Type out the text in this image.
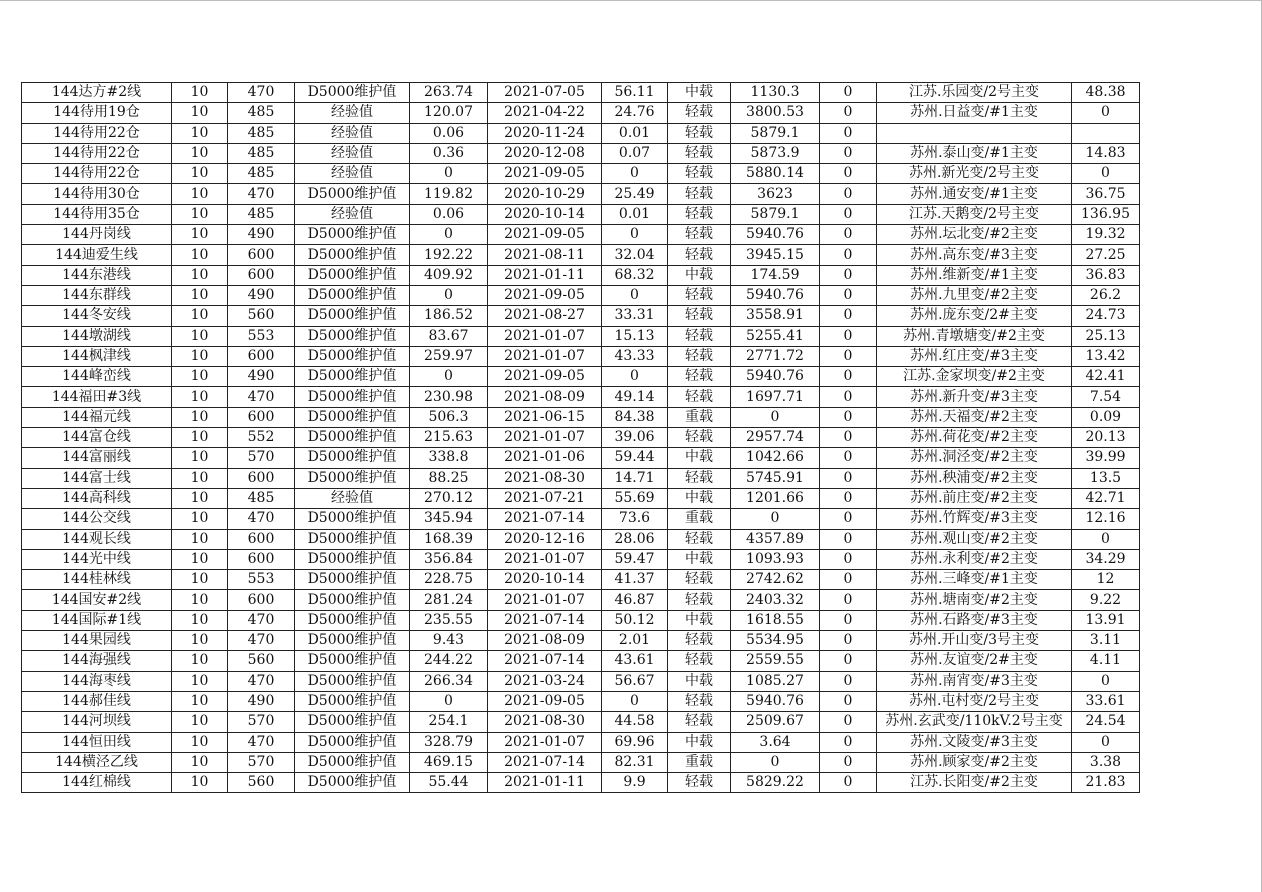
144达方#2线	10	470	D5000维护值	263.74	2021-07-05	56.11	中载	1130.3	0	江苏.乐园变/2号主变	48.38
144待用19仓	10	485	经验值	120.07	2021-04-22	24.76	轻载	3800.53	0	苏州.日益变/#1主变	0
144待用22仓	10	485	经验值	0.06	2020-11-24	0.01	轻载	5879.1	0		
144待用22仓	10	485	经验值	0.36	2020-12-08	0.07	轻载	5873.9	0	苏州.泰山变/#1主变	14.83
144待用22仓	10	485	经验值	0	2021-09-05	0	轻载	5880.14	0	苏州.新光变/2号主变	0
144待用30仓	10	470	D5000维护值	119.82	2020-10-29	25.49	轻载	3623	0	苏州.通安变/#1主变	36.75
144待用35仓	10	485	经验值	0.06	2020-10-14	0.01	轻载	5879.1	0	江苏.天鹅变/2号主变	136.95
144丹岗线	10	490	D5000维护值	0	2021-09-05	0	轻载	5940.76	0	苏州.坛北变/#2主变	19.32
144迪爱生线	10	600	D5000维护值	192.22	2021-08-11	32.04	轻载	3945.15	0	苏州.高东变/#3主变	27.25
144东港线	10	600	D5000维护值	409.92	2021-01-11	68.32	中载	174.59	0	苏州.维新变/#1主变	36.83
144东群线	10	490	D5000维护值	0	2021-09-05	0	轻载	5940.76	0	苏州.九里变/#2主变	26.2
144冬安线	10	560	D5000维护值	186.52	2021-08-27	33.31	轻载	3558.91	0	苏州.庞东变/2#主变	24.73
144墩湖线	10	553	D5000维护值	83.67	2021-01-07	15.13	轻载	5255.41	0	苏州.青墩塘变/#2主变	25.13
144枫津线	10	600	D5000维护值	259.97	2021-01-07	43.33	轻载	2771.72	0	苏州.红庄变/#3主变	13.42
144峰峦线	10	490	D5000维护值	0	2021-09-05	0	轻载	5940.76	0	江苏.金家坝变/#2主变	42.41
144福田#3线	10	470	D5000维护值	230.98	2021-08-09	49.14	轻载	1697.71	0	苏州.新升变/#3主变	7.54
144福元线	10	600	D5000维护值	506.3	2021-06-15	84.38	重载	0	0	苏州.天福变/#2主变	0.09
144富仓线	10	552	D5000维护值	215.63	2021-01-07	39.06	轻载	2957.74	0	苏州.荷花变/#2主变	20.13
144富丽线	10	570	D5000维护值	338.8	2021-01-06	59.44	中载	1042.66	0	苏州.洞泾变/#2主变	39.99
144富士线	10	600	D5000维护值	88.25	2021-08-30	14.71	轻载	5745.91	0	苏州.秧浦变/#2主变	13.5
144高科线	10	485	经验值	270.12	2021-07-21	55.69	中载	1201.66	0	苏州.前庄变/#2主变	42.71
144公交线	10	470	D5000维护值	345.94	2021-07-14	73.6	重载	0	0	苏州.竹辉变/#3主变	12.16
144观长线	10	600	D5000维护值	168.39	2020-12-16	28.06	轻载	4357.89	0	苏州.观山变/#2主变	0
144光中线	10	600	D5000维护值	356.84	2021-01-07	59.47	中载	1093.93	0	苏州.永利变/#2主变	34.29
144桂林线	10	553	D5000维护值	228.75	2020-10-14	41.37	轻载	2742.62	0	苏州.三峰变/#1主变	12
144国安#2线	10	600	D5000维护值	281.24	2021-01-07	46.87	轻载	2403.32	0	苏州.塘南变/#2主变	9.22
144国际#1线	10	470	D5000维护值	235.55	2021-07-14	50.12	中载	1618.55	0	苏州.石路变/#3主变	13.91
144果园线	10	470	D5000维护值	9.43	2021-08-09	2.01	轻载	5534.95	0	苏州.开山变/3号主变	3.11
144海强线	10	560	D5000维护值	244.22	2021-07-14	43.61	轻载	2559.55	0	苏州.友谊变/2#主变	4.11
144海枣线	10	470	D5000维护值	266.34	2021-03-24	56.67	中载	1085.27	0	苏州.南宵变/#3主变	0
144郝佳线	10	490	D5000维护值	0	2021-09-05	0	轻载	5940.76	0	苏州.屯村变/2号主变	33.61
144河坝线	10	570	D5000维护值	254.1	2021-08-30	44.58	轻载	2509.67	0	苏州.玄武变/110kV.2号主变	24.54
144恒田线	10	470	D5000维护值	328.79	2021-01-07	69.96	中载	3.64	0	苏州.文陵变/#3主变	0
144横泾乙线	10	570	D5000维护值	469.15	2021-07-14	82.31	重载	0	0	苏州.顾家变/#2主变	3.38
144红棉线	10	560	D5000维护值	55.44	2021-01-11	9.9	轻载	5829.22	0	江苏.长阳变/#2主变	21.83
